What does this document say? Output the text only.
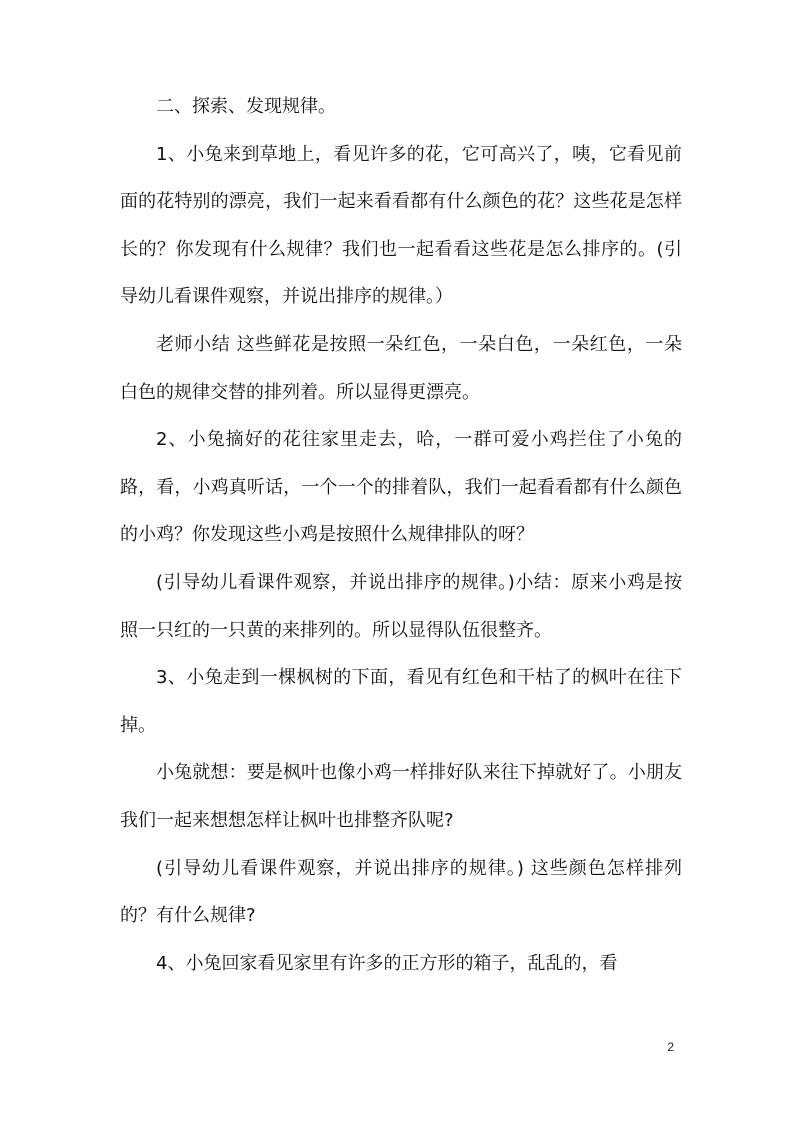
二、探索、发现规律。

1、小兔来到草地上，看见许多的花，它可高兴了，咦，它看见前面的花特别的漂亮，我们一起来看看都有什么颜色的花？这些花是怎样长的？你发现有什么规律？我们也一起看看这些花是怎么排序的。(引导幼儿看课件观察，并说出排序的规律。）

老师小结 这些鲜花是按照一朵红色，一朵白色，一朵红色，一朵白色的规律交替的排列着。所以显得更漂亮。

2、小兔摘好的花往家里走去，哈，一群可爱小鸡拦住了小兔的路，看，小鸡真听话，一个一个的排着队，我们一起看看都有什么颜色的小鸡？你发现这些小鸡是按照什么规律排队的呀？

(引导幼儿看课件观察，并说出排序的规律。)小结：原来小鸡是按照一只红的一只黄的来排列的。所以显得队伍很整齐。

3、小兔走到一棵枫树的下面，看见有红色和干枯了的枫叶在往下掉。

小兔就想：要是枫叶也像小鸡一样排好队来往下掉就好了。小朋友我们一起来想想怎样让枫叶也排整齐队呢?

(引导幼儿看课件观察，并说出排序的规律。) 这些颜色怎样排列的？有什么规律?

4、小兔回家看见家里有许多的正方形的箱子，乱乱的，看

2
